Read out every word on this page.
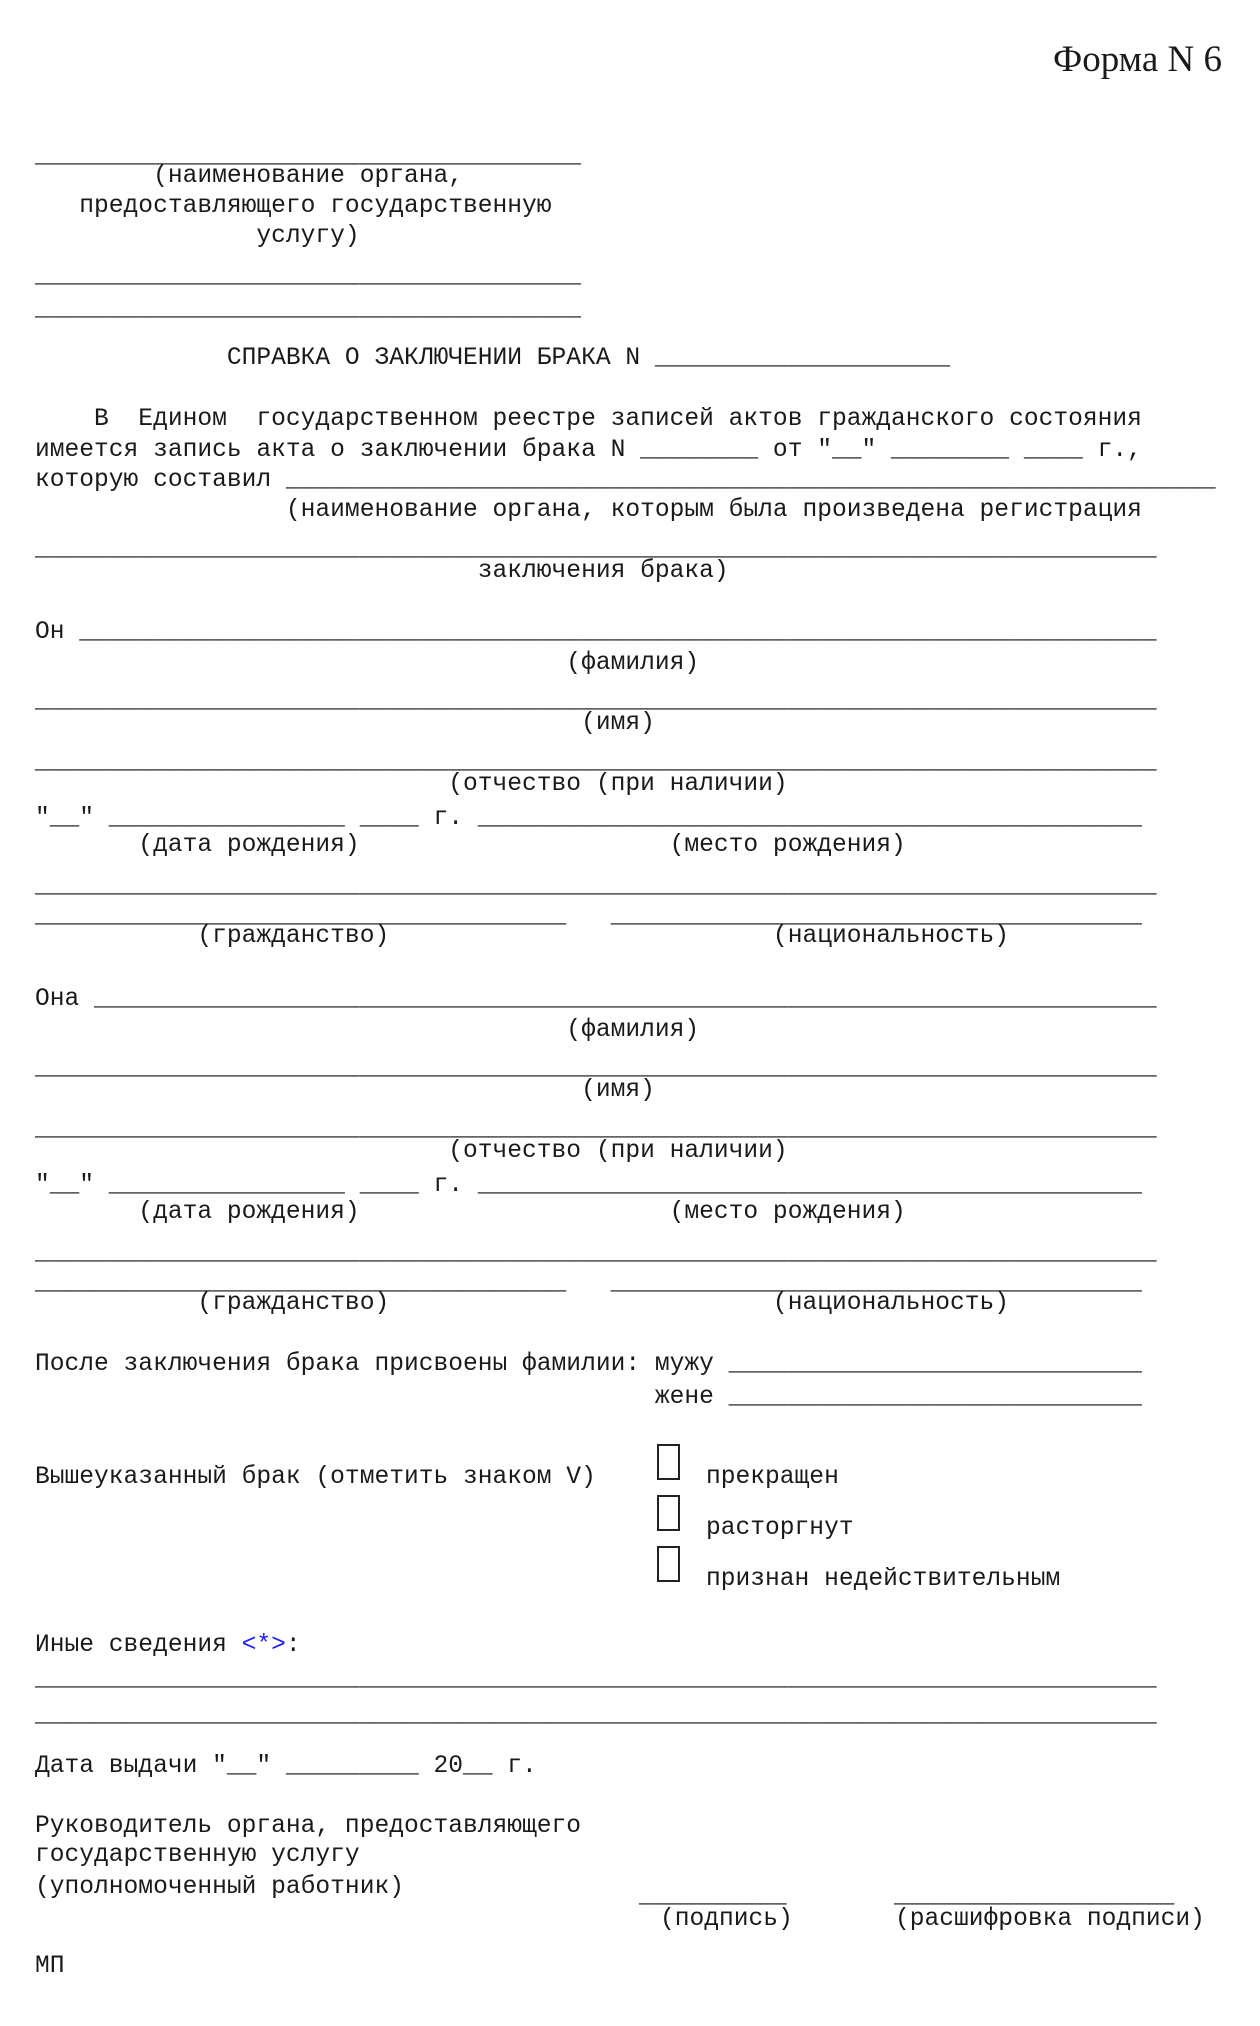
Форма N 6
_____________________________________
(наименование органа,
предоставляющего государственную
услугу)
_____________________________________
_____________________________________
СПРАВКА О ЗАКЛЮЧЕНИИ БРАКА N ____________________
В  Едином  государственном реестре записей актов гражданского состояния
имеется запись акта о заключении брака N ________ от "__" ________ ____ г.,
которую составил _______________________________________________________________
(наименование органа, которым была произведена регистрация
____________________________________________________________________________
заключения брака)
Он _________________________________________________________________________
(фамилия)
____________________________________________________________________________
(имя)
____________________________________________________________________________
(отчество (при наличии)
"__" ________________ ____ г. _____________________________________________
(дата рождения)                     (место рождения)
____________________________________________________________________________
____________________________________   ____________________________________
(гражданство)                          (национальность)
Она ________________________________________________________________________
(фамилия)
____________________________________________________________________________
(имя)
____________________________________________________________________________
(отчество (при наличии)
"__" ________________ ____ г. _____________________________________________
(дата рождения)                     (место рождения)
____________________________________________________________________________
____________________________________   ____________________________________
(гражданство)                          (национальность)
После заключения брака присвоены фамилии: мужу ____________________________
жене ____________________________
Вышеуказанный брак (отметить знаком V)	прекращен
расторгнут
признан недействительным
Иные сведения <*>:
____________________________________________________________________________
____________________________________________________________________________
Дата выдачи "__" _________ 20__ г.
Руководитель органа, предоставляющего
государственную услугу
(уполномоченный работник)	__________
(подпись)
___________________
(расшифровка подписи)
МП
